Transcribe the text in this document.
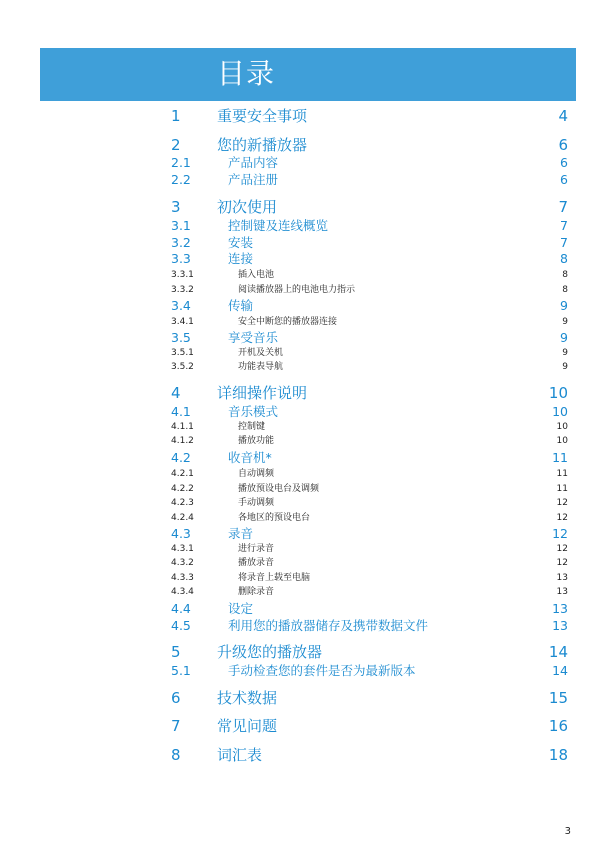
目录
1 重要安全事项	4
2 您的新播放器	6
2.1	产品内容	6
2.2	产品注册	6
3 初次使用	7
3.1	控制键及连线概览	7
3.2	安装	7
3.3	连接	8
3.3.1	插入电池	8
3.3.2	阅读播放器上的电池电力指示	8
3.4	传输	9
3.4.1	安全中断您的播放器连接	9
3.5	享受音乐	9
3.5.1	开机及关机	9
3.5.2	功能表导航	9
4 详细操作说明	10
4.1	音乐模式	10
4.1.1	控制键	10
4.1.2	播放功能	10
4.2	收音机*	11
4.2.1	自动调频	11
4.2.2	播放预设电台及调频	11
4.2.3	手动调频	12
4.2.4	各地区的预设电台	12
4.3	录音	12
4.3.1	进行录音	12
4.3.2	播放录音	12
4.3.3	将录音上载至电脑	13
4.3.4	删除录音	13
4.4	设定	13
4.5	利用您的播放器储存及携带数据文件	13
5 升级您的播放器	14
5.1	手动检查您的套件是否为最新版本	14
6 技术数据	15
7 常见问题	16
8 词汇表	18
3
